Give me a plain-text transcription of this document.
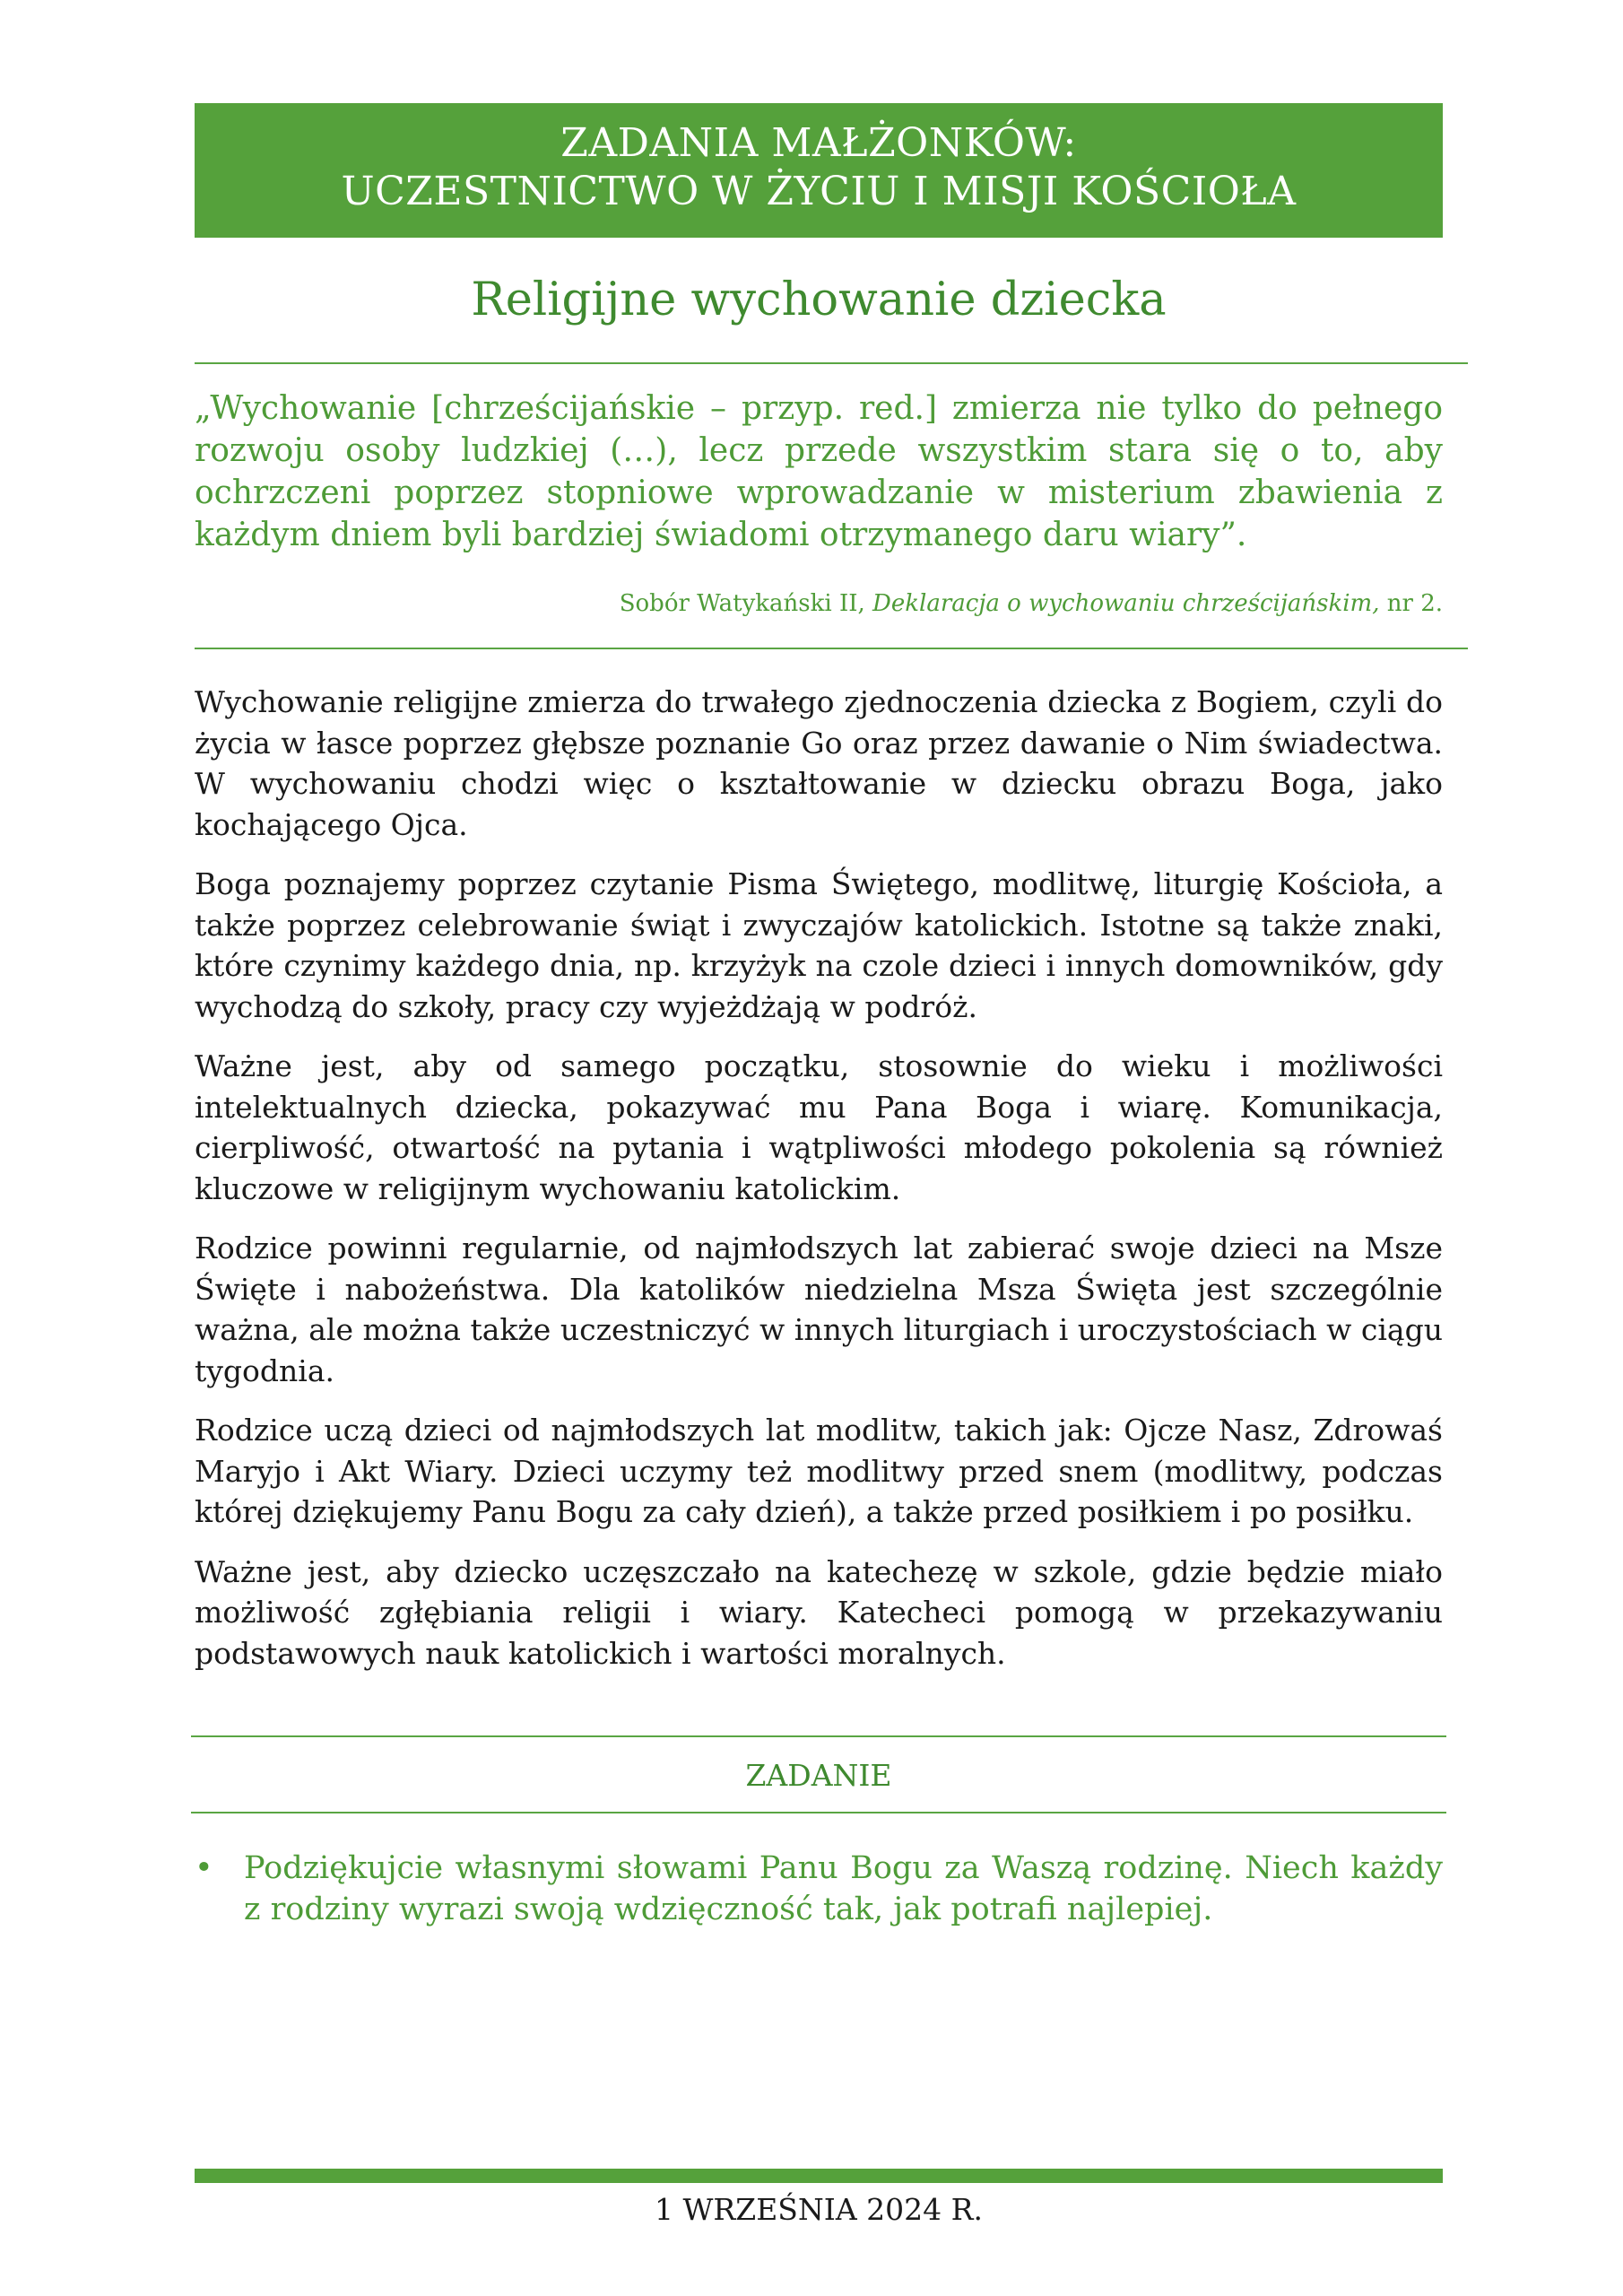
ZADANIA MAŁŻONKÓW:
UCZESTNICTWO W ŻYCIU I MISJI KOŚCIOŁA
Religijne wychowanie dziecka
„Wychowanie [chrześcijańskie – przyp. red.] zmierza nie tylko do pełnego rozwoju osoby ludzkiej (…), lecz przede wszystkim stara się o to, aby ochrzczeni poprzez stopniowe wprowadzanie w misterium zbawienia z każdym dniem byli bardziej świadomi otrzymanego daru wiary”.
Sobór Watykański II, Deklaracja o wychowaniu chrześcijańskim, nr 2.

Wychowanie religijne zmierza do trwałego zjednoczenia dziecka z Bogiem, czyli do życia w łasce poprzez głębsze poznanie Go oraz przez dawanie o Nim świadectwa. W wychowaniu chodzi więc o kształtowanie w dziecku obrazu Boga, jako kochającego Ojca.

Boga poznajemy poprzez czytanie Pisma Świętego, modlitwę, liturgię Kościoła, a także poprzez celebrowanie świąt i zwyczajów katolickich. Istotne są także znaki, które czynimy każdego dnia, np. krzyżyk na czole dzieci i innych domowników, gdy wychodzą do szkoły, pracy czy wyjeżdżają w podróż.

Ważne jest, aby od samego początku, stosownie do wieku i możliwości intelektualnych dziecka, pokazywać mu Pana Boga i wiarę. Komunikacja, cierpliwość, otwartość na pytania i wątpliwości młodego pokolenia są również kluczowe w religijnym wychowaniu katolickim.

Rodzice powinni regularnie, od najmłodszych lat zabierać swoje dzieci na Msze Święte i nabożeństwa. Dla katolików niedzielna Msza Święta jest szczególnie ważna, ale można także uczestniczyć w innych liturgiach i uroczystościach w ciągu tygodnia.

Rodzice uczą dzieci od najmłodszych lat modlitw, takich jak: Ojcze Nasz, Zdrowaś Maryjo i Akt Wiary. Dzieci uczymy też modlitwy przed snem (modlitwy, podczas której dziękujemy Panu Bogu za cały dzień), a także przed posiłkiem i po posiłku.

Ważne jest, aby dziecko uczęszczało na katechezę w szkole, gdzie będzie miało możliwość zgłębiania religii i wiary. Katecheci pomogą w przekazywaniu podstawowych nauk katolickich i wartości moralnych.

ZADANIE
• Podziękujcie własnymi słowami Panu Bogu za Waszą rodzinę. Niech każdy z rodziny wyrazi swoją wdzięczność tak, jak potrafi najlepiej.
1 WRZEŚNIA 2024 R.
